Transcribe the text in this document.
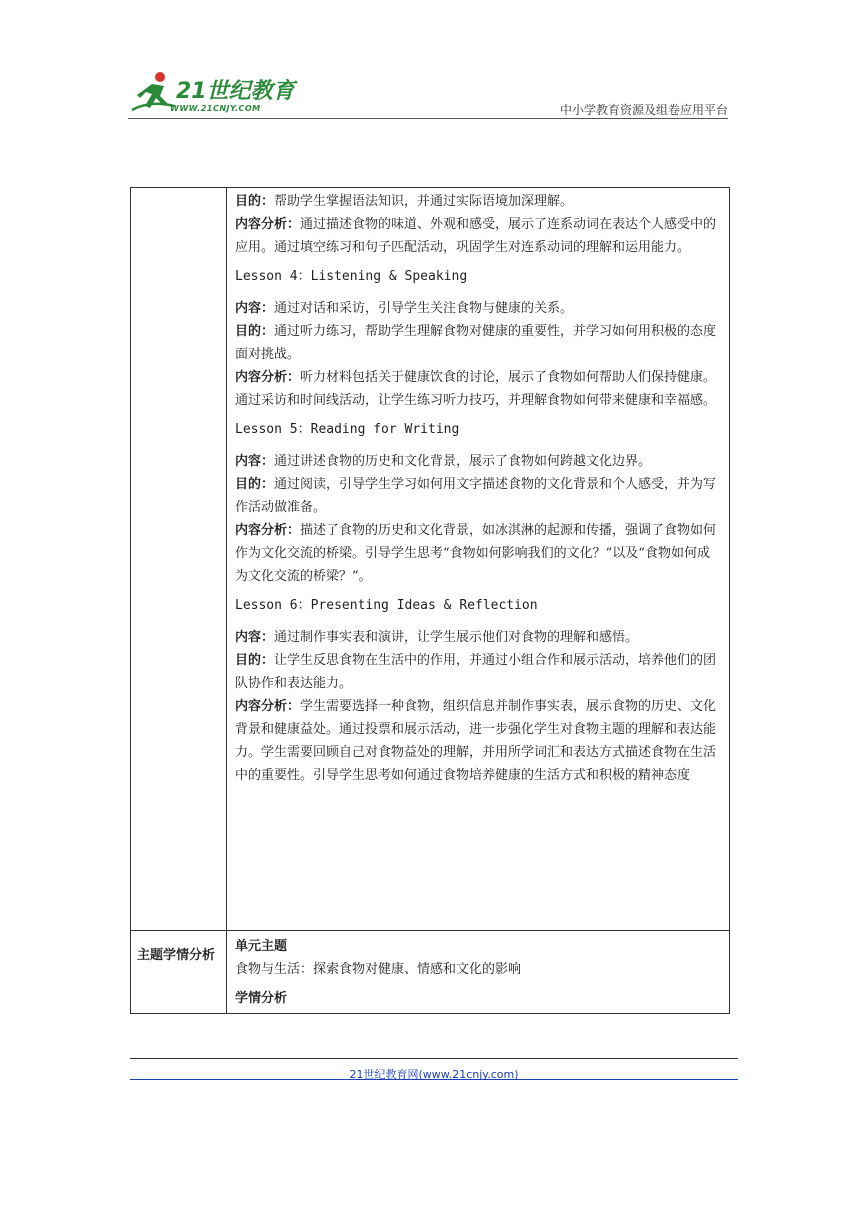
21世纪教育
WWW.21CNJY.COM	中小学教育资源及组卷应用平台

目的：帮助学生掌握语法知识，并通过实际语境加深理解。

内容分析：通过描述食物的味道、外观和感受，展示了连系动词在表达个人感受中的应用。通过填空练习和句子匹配活动，巩固学生对连系动词的理解和运用能力。

Lesson 4：Listening & Speaking

内容：通过对话和采访，引导学生关注食物与健康的关系。

目的：通过听力练习，帮助学生理解食物对健康的重要性，并学习如何用积极的态度面对挑战。

内容分析：听力材料包括关于健康饮食的讨论，展示了食物如何帮助人们保持健康。通过采访和时间线活动，让学生练习听力技巧，并理解食物如何带来健康和幸福感。

Lesson 5：Reading for Writing

内容：通过讲述食物的历史和文化背景，展示了食物如何跨越文化边界。

目的：通过阅读，引导学生学习如何用文字描述食物的文化背景和个人感受，并为写作活动做准备。

内容分析：描述了食物的历史和文化背景，如冰淇淋的起源和传播，强调了食物如何作为文化交流的桥梁。引导学生思考“食物如何影响我们的文化？”以及“食物如何成为文化交流的桥梁？”。

Lesson 6：Presenting Ideas & Reflection

内容：通过制作事实表和演讲，让学生展示他们对食物的理解和感悟。

目的：让学生反思食物在生活中的作用，并通过小组合作和展示活动，培养他们的团队协作和表达能力。

内容分析：学生需要选择一种食物，组织信息并制作事实表，展示食物的历史、文化背景和健康益处。通过投票和展示活动，进一步强化学生对食物主题的理解和表达能力。学生需要回顾自己对食物益处的理解，并用所学词汇和表达方式描述食物在生活中的重要性。引导学生思考如何通过食物培养健康的生活方式和积极的精神态度

主题学情分析

单元主题

食物与生活：探索食物对健康、情感和文化的影响

学情分析

21世纪教育网(www.21cnjy.com)
